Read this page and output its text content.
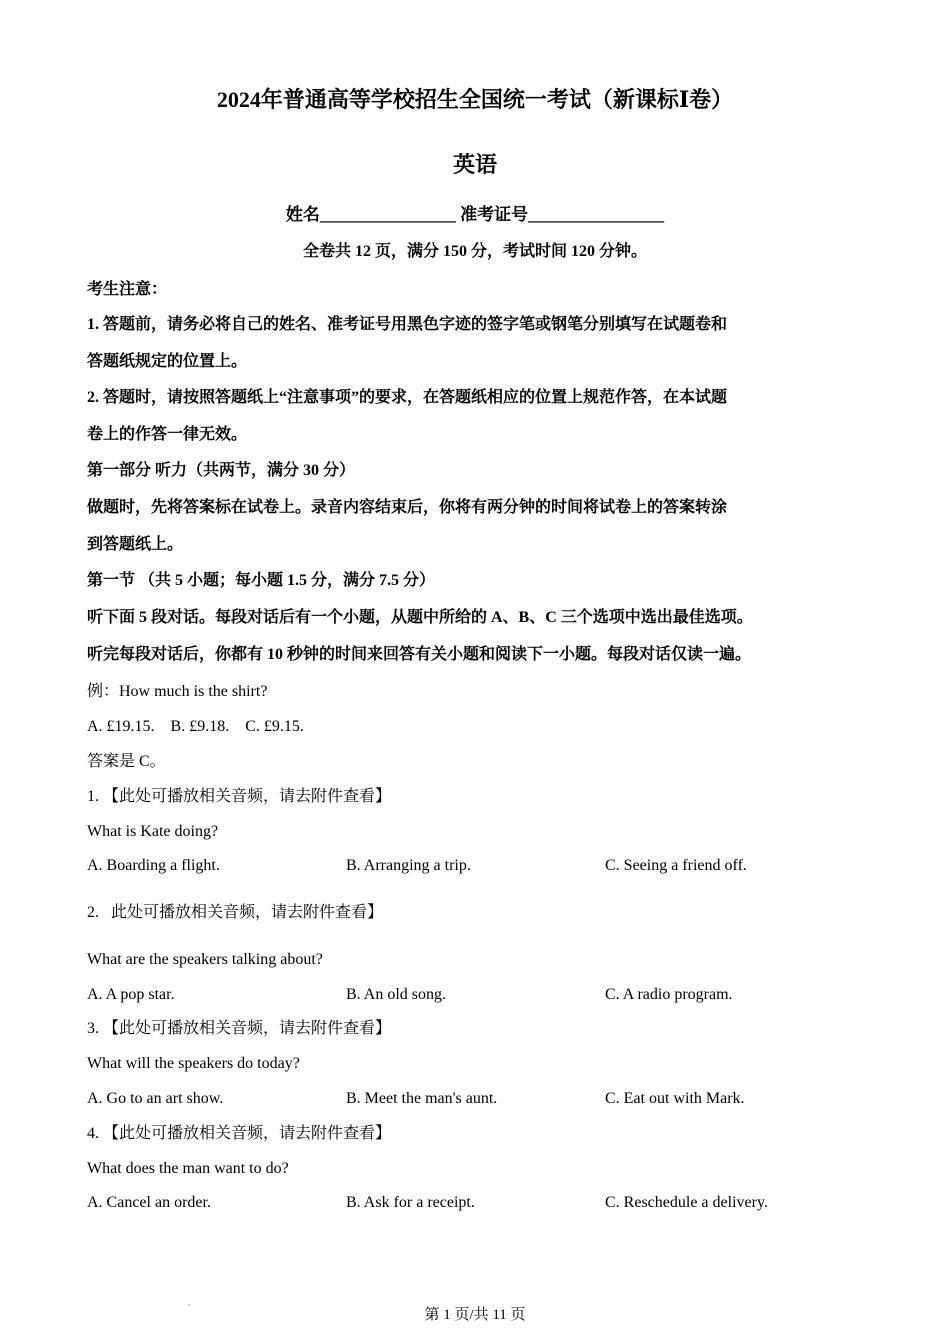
2024年普通高等学校招生全国统一考试（新课标Ⅰ卷）
英语
姓名________________ 准考证号________________
全卷共 12 页，满分 150 分，考试时间 120 分钟。
考生注意：
1. 答题前，请务必将自己的姓名、准考证号用黑色字迹的签字笔或钢笔分别填写在试题卷和
答题纸规定的位置上。
2. 答题时，请按照答题纸上“注意事项”的要求，在答题纸相应的位置上规范作答，在本试题
卷上的作答一律无效。
第一部分 听力（共两节，满分 30 分）
做题时，先将答案标在试卷上。录音内容结束后，你将有两分钟的时间将试卷上的答案转涂
到答题纸上。
第一节 （共 5 小题；每小题 1.5 分，满分 7.5 分）
听下面 5 段对话。每段对话后有一个小题，从题中所给的 A、B、C 三个选项中选出最佳选项。
听完每段对话后，你都有 10 秒钟的时间来回答有关小题和阅读下一小题。每段对话仅读一遍。
例：How much is the shirt?
A. £19.15.    B. £9.18.    C. £9.15.
答案是 C。
1. 【此处可播放相关音频，请去附件查看】
What is Kate doing?
A. Boarding a flight.	B. Arranging a trip.	C. Seeing a friend off.
2.   此处可播放相关音频，请去附件查看】
What are the speakers talking about?
A. A pop star.	B. An old song.	C. A radio program.
3. 【此处可播放相关音频，请去附件查看】
What will the speakers do today?
A. Go to an art show.	B. Meet the man's aunt.	C. Eat out with Mark.
4. 【此处可播放相关音频，请去附件查看】
What does the man want to do?
A. Cancel an order.	B. Ask for a receipt.	C. Reschedule a delivery.
第 1 页/共 11 页
